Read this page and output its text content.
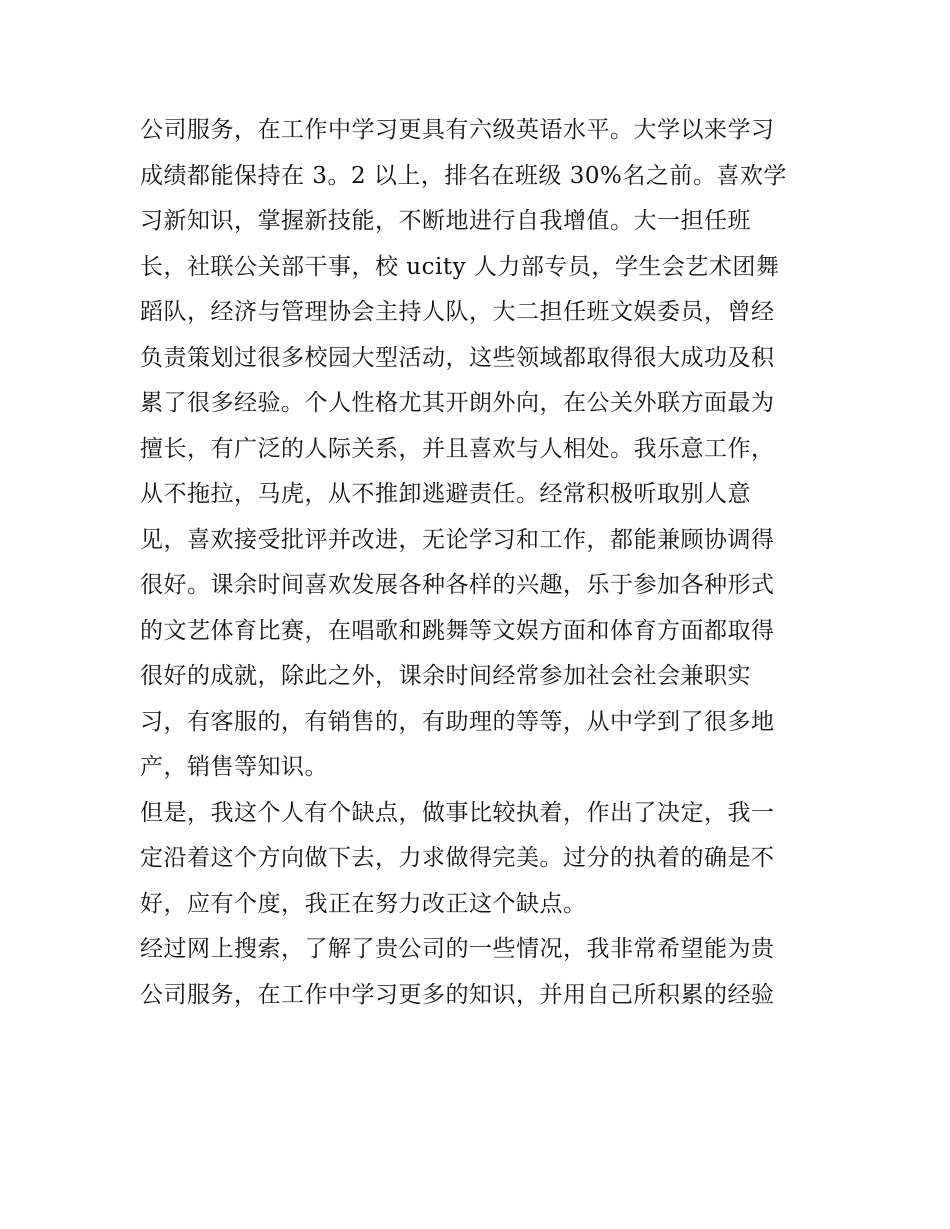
公司服务，在工作中学习更具有六级英语水平。大学以来学习
成绩都能保持在 3。2 以上，排名在班级 30%名之前。喜欢学
习新知识，掌握新技能，不断地进行自我增值。大一担任班
长，社联公关部干事，校 ucity 人力部专员，学生会艺术团舞
蹈队，经济与管理协会主持人队，大二担任班文娱委员，曾经
负责策划过很多校园大型活动，这些领域都取得很大成功及积
累了很多经验。个人性格尤其开朗外向，在公关外联方面最为
擅长，有广泛的人际关系，并且喜欢与人相处。我乐意工作，
从不拖拉，马虎，从不推卸逃避责任。经常积极听取别人意
见，喜欢接受批评并改进，无论学习和工作，都能兼顾协调得
很好。课余时间喜欢发展各种各样的兴趣，乐于参加各种形式
的文艺体育比赛，在唱歌和跳舞等文娱方面和体育方面都取得
很好的成就，除此之外，课余时间经常参加社会社会兼职实
习，有客服的，有销售的，有助理的等等，从中学到了很多地
产，销售等知识。
但是，我这个人有个缺点，做事比较执着，作出了决定，我一
定沿着这个方向做下去，力求做得完美。过分的执着的确是不
好，应有个度，我正在努力改正这个缺点。
经过网上搜索，了解了贵公司的一些情况，我非常希望能为贵
公司服务，在工作中学习更多的知识，并用自己所积累的经验
